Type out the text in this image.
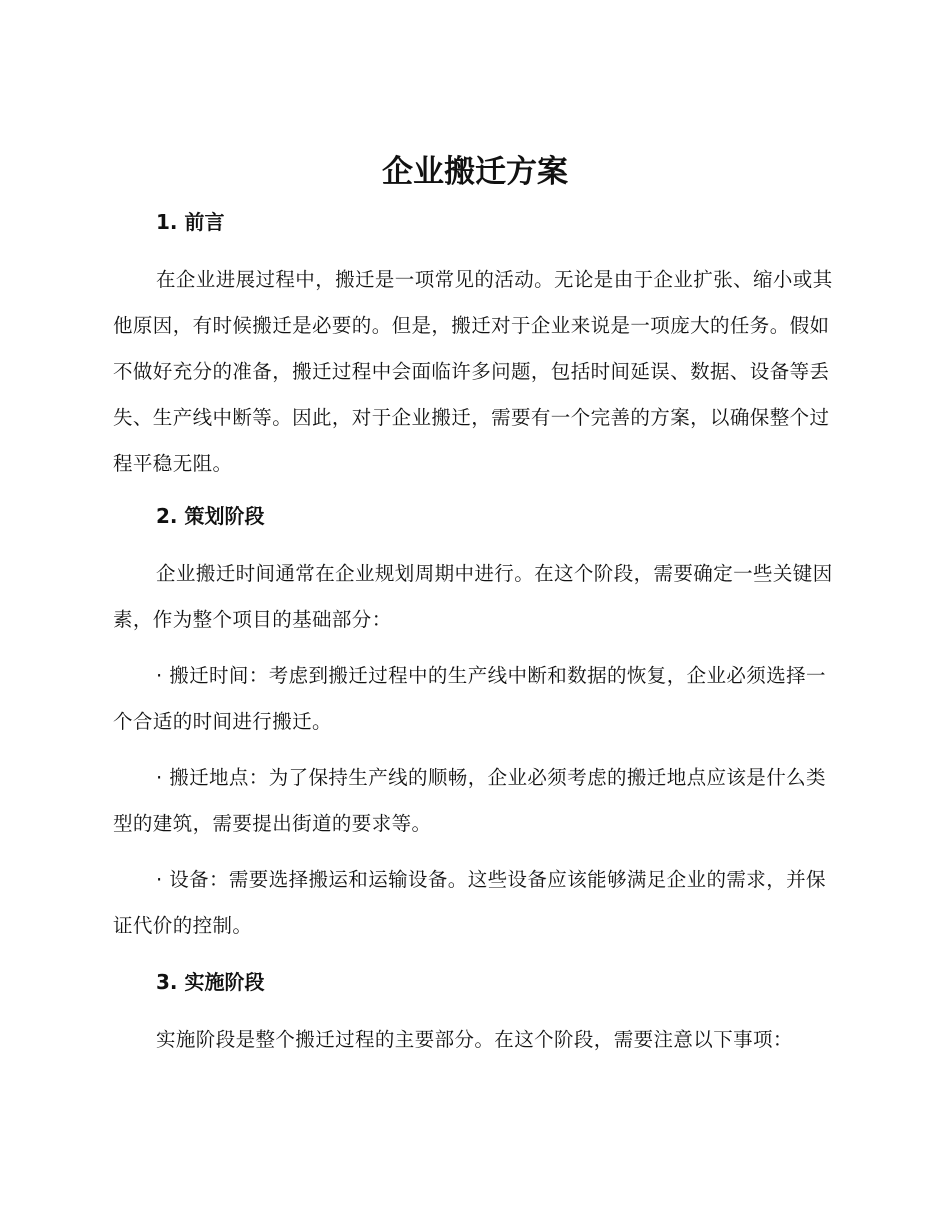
企业搬迁方案
1. 前言

在企业进展过程中，搬迁是一项常见的活动。无论是由于企业扩张、缩小或其他原因，有时候搬迁是必要的。但是，搬迁对于企业来说是一项庞大的任务。假如不做好充分的准备，搬迁过程中会面临许多问题，包括时间延误、数据、设备等丢失、生产线中断等。因此，对于企业搬迁，需要有一个完善的方案，以确保整个过程平稳无阻。

2. 策划阶段

企业搬迁时间通常在企业规划周期中进行。在这个阶段，需要确定一些关键因素，作为整个项目的基础部分：

· 搬迁时间：考虑到搬迁过程中的生产线中断和数据的恢复，企业必须选择一个合适的时间进行搬迁。

· 搬迁地点：为了保持生产线的顺畅，企业必须考虑的搬迁地点应该是什么类型的建筑，需要提出街道的要求等。

· 设备：需要选择搬运和运输设备。这些设备应该能够满足企业的需求，并保证代价的控制。

3. 实施阶段

实施阶段是整个搬迁过程的主要部分。在这个阶段，需要注意以下事项：
